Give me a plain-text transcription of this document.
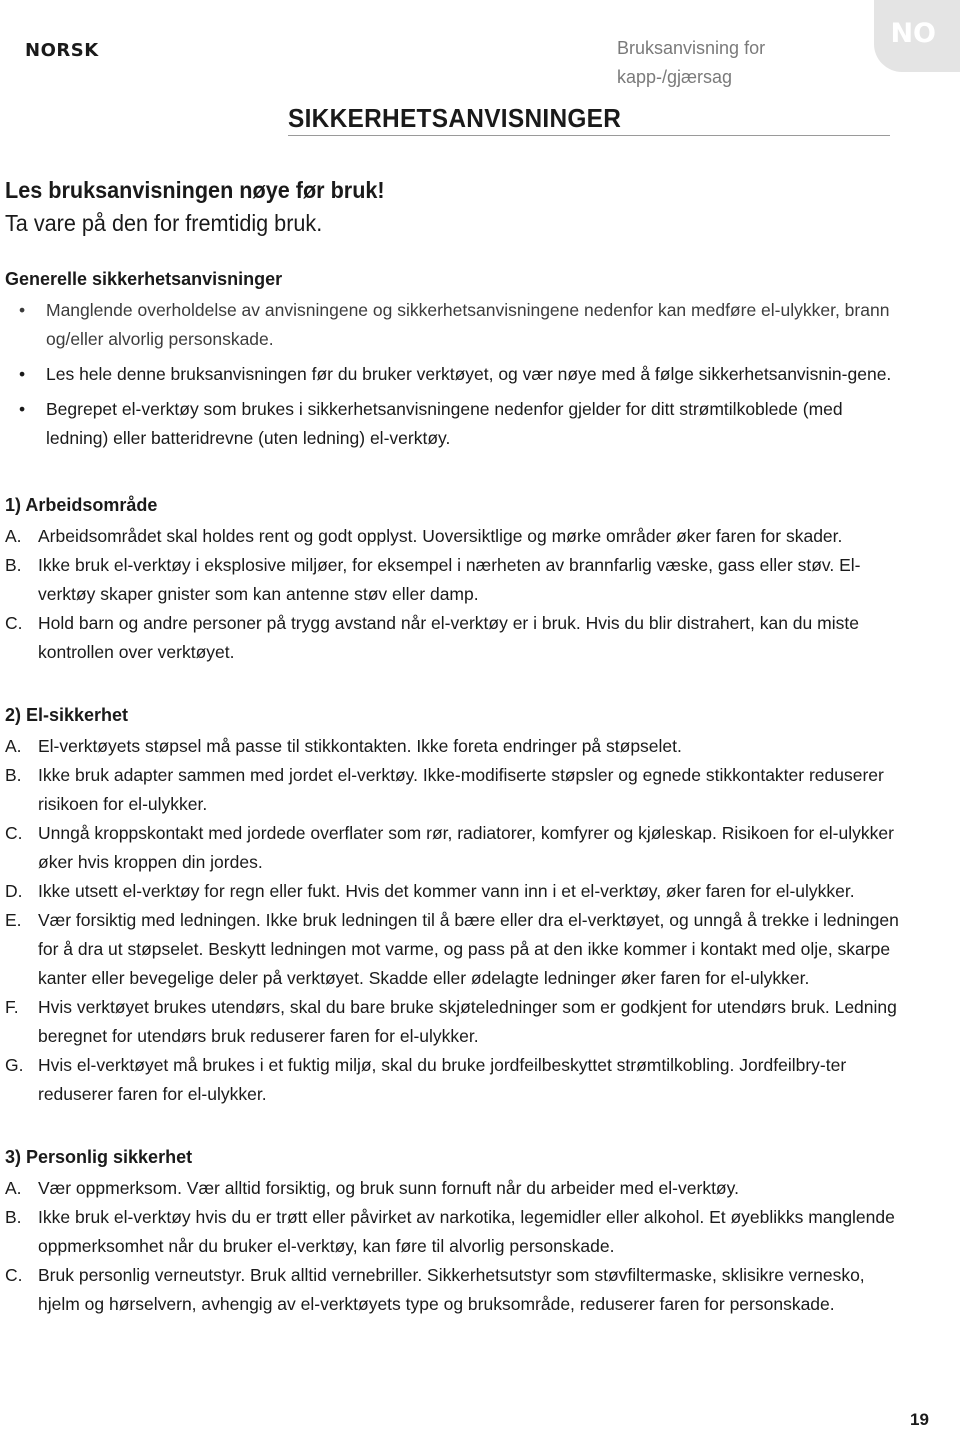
NORSK	Bruksanvisning for kapp-/gjærsag
NO
SIKKERHETSANVISNINGER
Les bruksanvisningen nøye før bruk!
Ta vare på den for fremtidig bruk.
Generelle sikkerhetsanvisninger
• Manglende overholdelse av anvisningene og sikkerhetsanvisningene nedenfor kan medføre el-ulykker, brann og/eller alvorlig personskade.
• Les hele denne bruksanvisningen før du bruker verktøyet, og vær nøye med å følge sikkerhetsanvisnin-gene.
• Begrepet el-verktøy som brukes i sikkerhetsanvisningene nedenfor gjelder for ditt strømtilkoblede (med ledning) eller batteridrevne (uten ledning) el-verktøy.
1) Arbeidsområde
A. Arbeidsområdet skal holdes rent og godt opplyst. Uoversiktlige og mørke områder øker faren for skader.
B. Ikke bruk el-verktøy i eksplosive miljøer, for eksempel i nærheten av brannfarlig væske, gass eller støv. El-verktøy skaper gnister som kan antenne støv eller damp.
C. Hold barn og andre personer på trygg avstand når el-verktøy er i bruk. Hvis du blir distrahert, kan du miste kontrollen over verktøyet.
2) El-sikkerhet
A. El-verktøyets støpsel må passe til stikkontakten. Ikke foreta endringer på støpselet.
B. Ikke bruk adapter sammen med jordet el-verktøy. Ikke-modifiserte støpsler og egnede stikkontakter reduserer risikoen for el-ulykker.
C. Unngå kroppskontakt med jordede overflater som rør, radiatorer, komfyrer og kjøleskap. Risikoen for el-ulykker øker hvis kroppen din jordes.
D. Ikke utsett el-verktøy for regn eller fukt. Hvis det kommer vann inn i et el-verktøy, øker faren for el-ulykker.
E. Vær forsiktig med ledningen. Ikke bruk ledningen til å bære eller dra el-verktøyet, og unngå å trekke i ledningen for å dra ut støpselet. Beskytt ledningen mot varme, og pass på at den ikke kommer i kontakt med olje, skarpe kanter eller bevegelige deler på verktøyet. Skadde eller ødelagte ledninger øker faren for el-ulykker.
F. Hvis verktøyet brukes utendørs, skal du bare bruke skjøteledninger som er godkjent for utendørs bruk. Ledning beregnet for utendørs bruk reduserer faren for el-ulykker.
G. Hvis el-verktøyet må brukes i et fuktig miljø, skal du bruke jordfeilbeskyttet strømtilkobling. Jordfeilbry-ter reduserer faren for el-ulykker.
3) Personlig sikkerhet
A. Vær oppmerksom. Vær alltid forsiktig, og bruk sunn fornuft når du arbeider med el-verktøy.
B. Ikke bruk el-verktøy hvis du er trøtt eller påvirket av narkotika, legemidler eller alkohol. Et øyeblikks manglende oppmerksomhet når du bruker el-verktøy, kan føre til alvorlig personskade.
C. Bruk personlig verneutstyr. Bruk alltid vernebriller. Sikkerhetsutstyr som støvfiltermaske, sklisikre vernesko, hjelm og hørselvern, avhengig av el-verktøyets type og bruksområde, reduserer faren for personskade.
19
